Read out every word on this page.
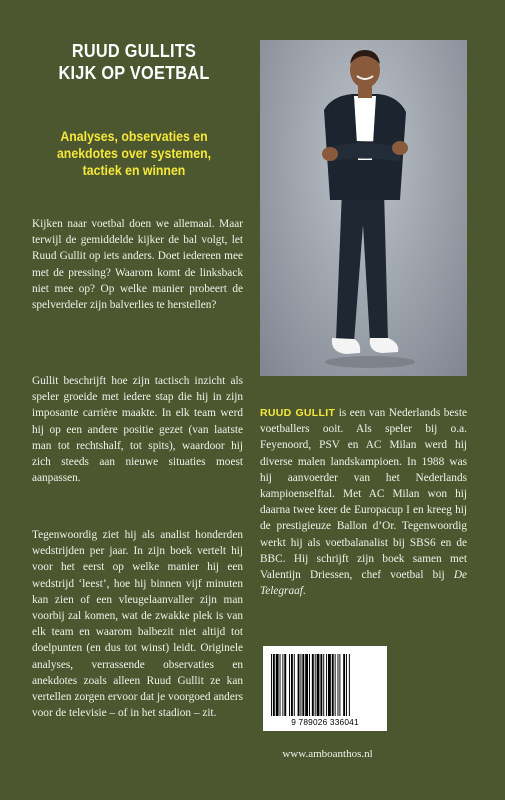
RUUD GULLITS
KIJK OP VOETBAL
Analyses, observaties en
anekdotes over systemen,
tactiek en winnen

Kijken naar voetbal doen we allemaal. Maar terwijl de gemiddelde kijker de bal volgt, let Ruud Gullit op iets anders. Doet iedereen mee met de pressing? Waarom komt de linksback niet mee op? Op welke manier probeert de spelverdeler zijn balverlies te herstellen?

Gullit beschrijft hoe zijn tactisch inzicht als speler groeide met iedere stap die hij in zijn imposante carrière maakte. In elk team werd hij op een andere positie gezet (van laatste man tot rechtshalf, tot spits), waardoor hij zich steeds aan nieuwe situaties moest aanpassen.

Tegenwoordig ziet hij als analist honderden wedstrijden per jaar. In zijn boek vertelt hij voor het eerst op welke manier hij een wedstrijd ‘leest’, hoe hij binnen vijf minuten kan zien of een vleugelaanvaller zijn man voorbij zal komen, wat de zwakke plek is van elk team en waarom balbezit niet altijd tot doelpunten (en dus tot winst) leidt. Originele analyses, verrassende observaties en anekdotes zoals alleen Ruud Gullit ze kan vertellen zorgen ervoor dat je voorgoed anders voor de televisie – of in het stadion – zit.

RUUD GULLIT is een van Nederlands beste voetballers ooit. Als speler bij o.a. Feyenoord, PSV en AC Milan werd hij diverse malen landskampioen. In 1988 was hij aanvoerder van het Nederlands kampioenselftal. Met AC Milan won hij daarna twee keer de Europacup I en kreeg hij de prestigieuze Ballon d’Or. Tegenwoordig werkt hij als voetbalanalist bij SBS6 en de BBC. Hij schrijft zijn boek samen met Valentijn Driessen, chef voetbal bij De Telegraaf.

9 789026 336041
www.amboanthos.nl
